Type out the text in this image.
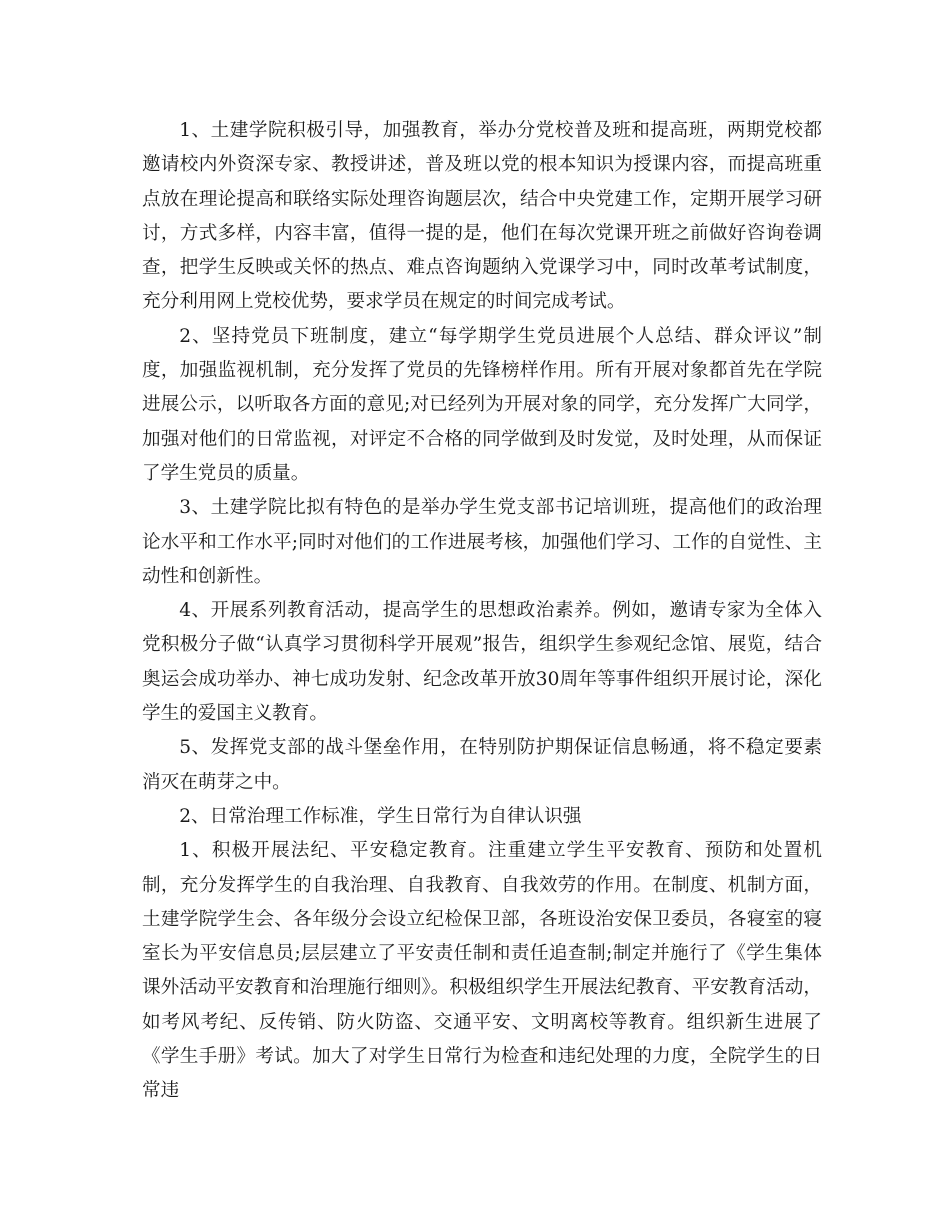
1、土建学院积极引导，加强教育，举办分党校普及班和提高班，两期党校都邀请校内外资深专家、教授讲述，普及班以党的根本知识为授课内容，而提高班重点放在理论提高和联络实际处理咨询题层次，结合中央党建工作，定期开展学习研讨，方式多样，内容丰富，值得一提的是，他们在每次党课开班之前做好咨询卷调查，把学生反映或关怀的热点、难点咨询题纳入党课学习中，同时改革考试制度，充分利用网上党校优势，要求学员在规定的时间完成考试。

2、坚持党员下班制度，建立“每学期学生党员进展个人总结、群众评议”制度，加强监视机制，充分发挥了党员的先锋榜样作用。所有开展对象都首先在学院进展公示，以听取各方面的意见;对已经列为开展对象的同学，充分发挥广大同学，加强对他们的日常监视，对评定不合格的同学做到及时发觉，及时处理，从而保证了学生党员的质量。

3、土建学院比拟有特色的是举办学生党支部书记培训班，提高他们的政治理论水平和工作水平;同时对他们的工作进展考核，加强他们学习、工作的自觉性、主动性和创新性。

4、开展系列教育活动，提高学生的思想政治素养。例如，邀请专家为全体入党积极分子做“认真学习贯彻科学开展观”报告，组织学生参观纪念馆、展览，结合奥运会成功举办、神七成功发射、纪念改革开放30周年等事件组织开展讨论，深化学生的爱国主义教育。

5、发挥党支部的战斗堡垒作用，在特别防护期保证信息畅通，将不稳定要素消灭在萌芽之中。

2、日常治理工作标准，学生日常行为自律认识强

1、积极开展法纪、平安稳定教育。注重建立学生平安教育、预防和处置机制，充分发挥学生的自我治理、自我教育、自我效劳的作用。在制度、机制方面，土建学院学生会、各年级分会设立纪检保卫部，各班设治安保卫委员，各寝室的寝室长为平安信息员;层层建立了平安责任制和责任追查制;制定并施行了《学生集体课外活动平安教育和治理施行细则》。积极组织学生开展法纪教育、平安教育活动，如考风考纪、反传销、防火防盗、交通平安、文明离校等教育。组织新生进展了《学生手册》考试。加大了对学生日常行为检查和违纪处理的力度，全院学生的日常违
